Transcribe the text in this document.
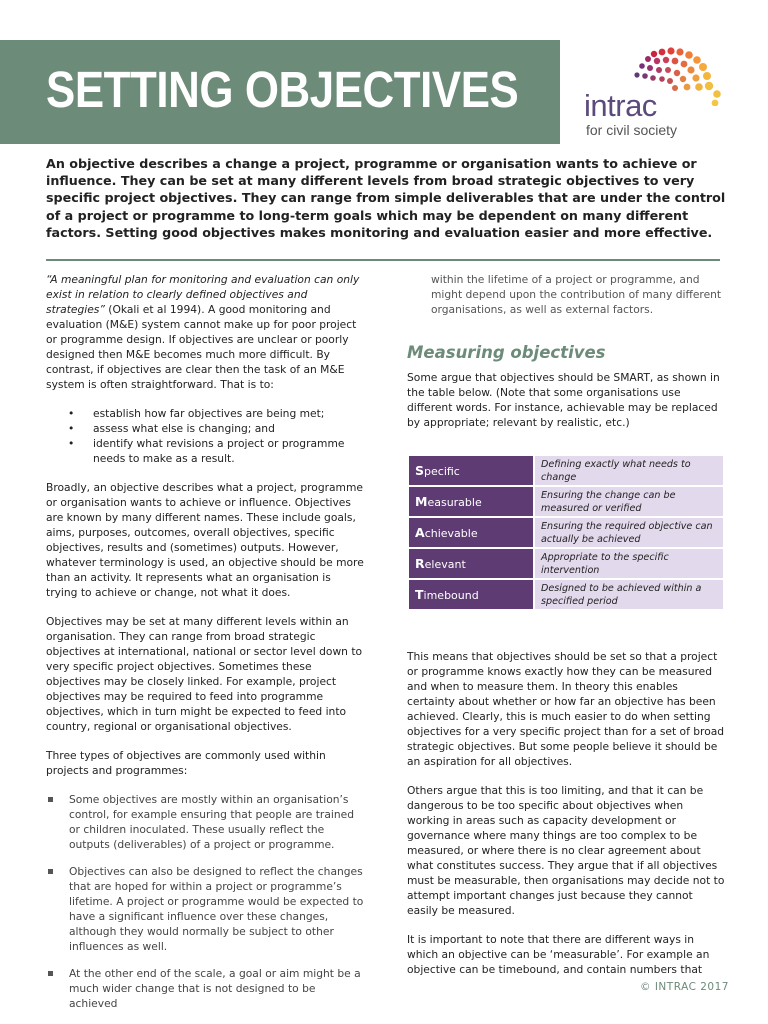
SETTING OBJECTIVES intrac
for civil society
An objective describes a change a project, programme or organisation wants to achieve or influence. They can be set at many different levels from broad strategic objectives to very specific project objectives. They can range from simple deliverables that are under the control of a project or programme to long-term goals which may be dependent on many different factors. Setting good objectives makes monitoring and evaluation easier and more effective.

“A meaningful plan for monitoring and evaluation can only exist in relation to clearly defined objectives and strategies” (Okali et al 1994). A good monitoring and evaluation (M&E) system cannot make up for poor project or programme design. If objectives are unclear or poorly designed then M&E becomes much more difficult. By contrast, if objectives are clear then the task of an M&E system is often straightforward. That is to:

• establish how far objectives are being met;
• assess what else is changing; and
• identify what revisions a project or programme needs to make as a result.

Broadly, an objective describes what a project, programme or organisation wants to achieve or influence. Objectives are known by many different names. These include goals, aims, purposes, outcomes, overall objectives, specific objectives, results and (sometimes) outputs. However, whatever terminology is used, an objective should be more than an activity. It represents what an organisation is trying to achieve or change, not what it does.

Objectives may be set at many different levels within an organisation. They can range from broad strategic objectives at international, national or sector level down to very specific project objectives. Sometimes these objectives may be closely linked. For example, project objectives may be required to feed into programme objectives, which in turn might be expected to feed into country, regional or organisational objectives.

Three types of objectives are commonly used within projects and programmes:

Some objectives are mostly within an organisation’s control, for example ensuring that people are trained or children inoculated. These usually reflect the outputs (deliverables) of a project or programme.
Objectives can also be designed to reflect the changes that are hoped for within a project or programme’s lifetime. A project or programme would be expected to have a significant influence over these changes, although they would normally be subject to other influences as well.
At the other end of the scale, a goal or aim might be a much wider change that is not designed to be achieved

within the lifetime of a project or programme, and might depend upon the contribution of many different organisations, as well as external factors.

Measuring objectives

Some argue that objectives should be SMART, as shown in the table below. (Note that some organisations use different words. For instance, achievable may be replaced by appropriate; relevant by realistic, etc.)

Specific	Defining exactly what needs to change
Measurable	Ensuring the change can be measured or verified
Achievable	Ensuring the required objective can actually be achieved
Relevant	Appropriate to the specific intervention
Timebound	Designed to be achieved within a specified period

This means that objectives should be set so that a project or programme knows exactly how they can be measured and when to measure them. In theory this enables certainty about whether or how far an objective has been achieved. Clearly, this is much easier to do when setting objectives for a very specific project than for a set of broad strategic objectives. But some people believe it should be an aspiration for all objectives.

Others argue that this is too limiting, and that it can be dangerous to be too specific about objectives when working in areas such as capacity development or governance where many things are too complex to be measured, or where there is no clear agreement about what constitutes success. They argue that if all objectives must be measurable, then organisations may decide not to attempt important changes just because they cannot easily be measured.

It is important to note that there are different ways in which an objective can be ‘measurable’. For example an objective can be timebound, and contain numbers that

© INTRAC 2017
